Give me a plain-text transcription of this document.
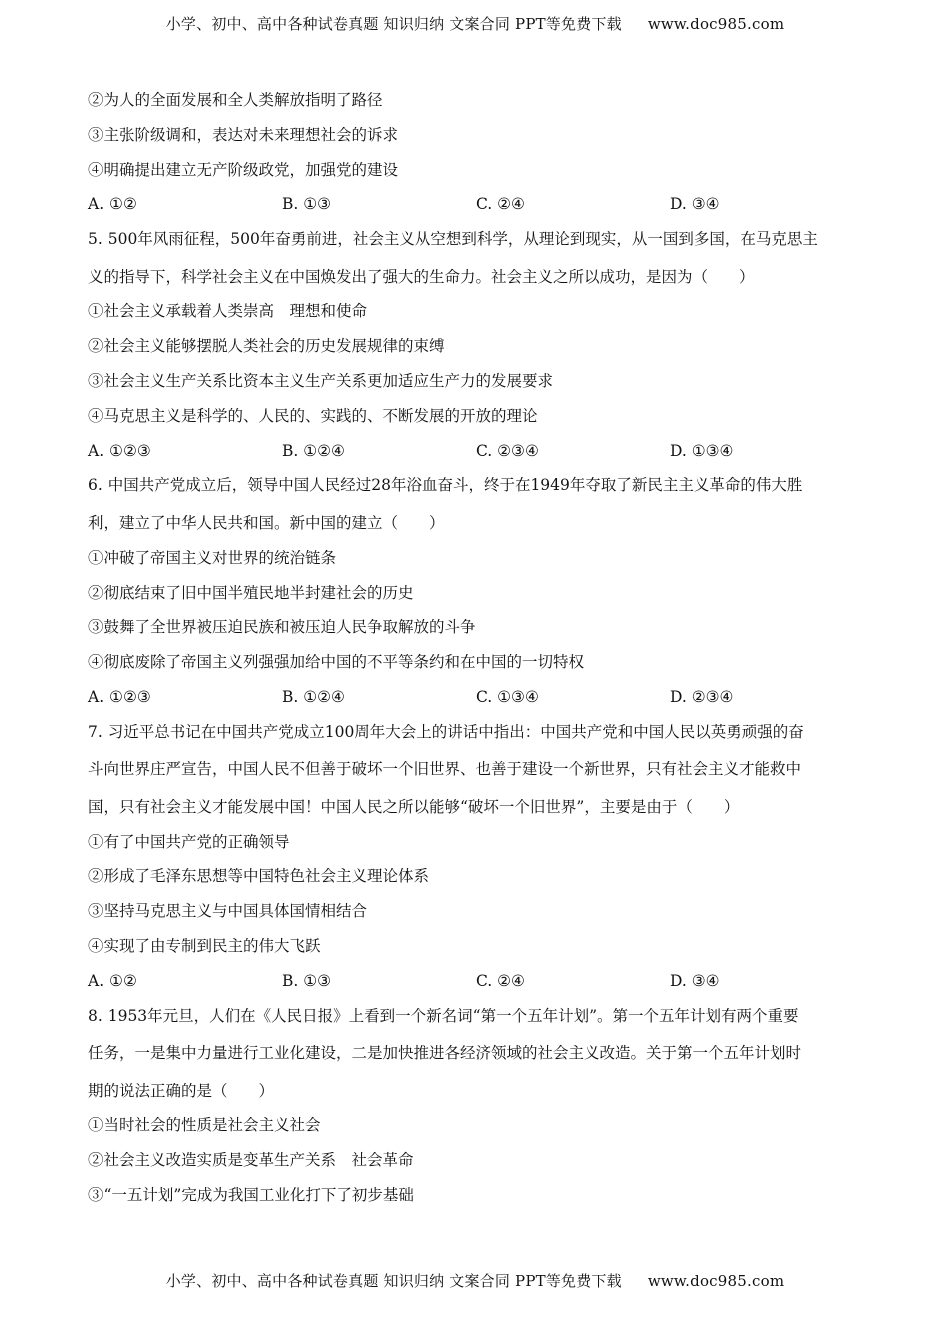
小学、初中、高中各种试卷真题 知识归纳 文案合同 PPT等免费下载 www.doc985.com
②为人的全面发展和全人类解放指明了路径
③主张阶级调和，表达对未来理想社会的诉求
④明确提出建立无产阶级政党，加强党的建设
A. ①②	B. ①③	C. ②④	D. ③④
5. 500年风雨征程，500年奋勇前进，社会主义从空想到科学，从理论到现实，从一国到多国，在马克思主
义的指导下，科学社会主义在中国焕发出了强大的生命力。社会主义之所以成功，是因为（　　）
①社会主义承载着人类崇高　理想和使命
②社会主义能够摆脱人类社会的历史发展规律的束缚
③社会主义生产关系比资本主义生产关系更加适应生产力的发展要求
④马克思主义是科学的、人民的、实践的、不断发展的开放的理论
A. ①②③	B. ①②④	C. ②③④	D. ①③④
6. 中国共产党成立后，领导中国人民经过28年浴血奋斗，终于在1949年夺取了新民主主义革命的伟大胜
利，建立了中华人民共和国。新中国的建立（　　）
①冲破了帝国主义对世界的统治链条
②彻底结束了旧中国半殖民地半封建社会的历史
③鼓舞了全世界被压迫民族和被压迫人民争取解放的斗争
④彻底废除了帝国主义列强强加给中国的不平等条约和在中国的一切特权
A. ①②③	B. ①②④	C. ①③④	D. ②③④
7. 习近平总书记在中国共产党成立100周年大会上的讲话中指出：中国共产党和中国人民以英勇顽强的奋
斗向世界庄严宣告，中国人民不但善于破坏一个旧世界、也善于建设一个新世界，只有社会主义才能救中
国，只有社会主义才能发展中国！中国人民之所以能够“破坏一个旧世界”，主要是由于（　　）
①有了中国共产党的正确领导
②形成了毛泽东思想等中国特色社会主义理论体系
③坚持马克思主义与中国具体国情相结合
④实现了由专制到民主的伟大飞跃
A. ①②	B. ①③	C. ②④	D. ③④
8. 1953年元旦，人们在《人民日报》上看到一个新名词“第一个五年计划”。第一个五年计划有两个重要
任务，一是集中力量进行工业化建设，二是加快推进各经济领域的社会主义改造。关于第一个五年计划时
期的说法正确的是（　　）
①当时社会的性质是社会主义社会
②社会主义改造实质是变革生产关系　社会革命
③“一五计划”完成为我国工业化打下了初步基础
小学、初中、高中各种试卷真题 知识归纳 文案合同 PPT等免费下载 www.doc985.com
